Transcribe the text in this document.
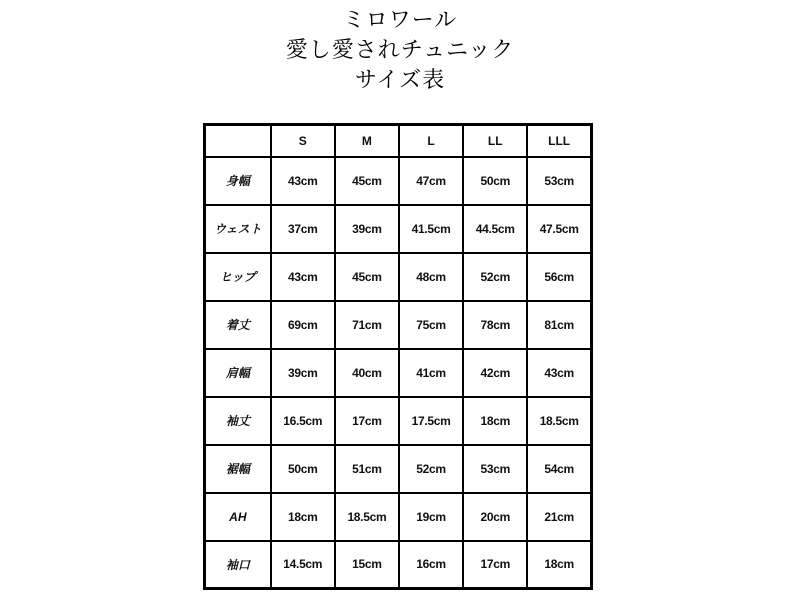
ミロワール
愛し愛されチュニック
サイズ表
	S	M	L	LL	LLL
身幅	43cm	45cm	47cm	50cm	53cm
ウェスト	37cm	39cm	41.5cm	44.5cm	47.5cm
ヒップ	43cm	45cm	48cm	52cm	56cm
着丈	69cm	71cm	75cm	78cm	81cm
肩幅	39cm	40cm	41cm	42cm	43cm
袖丈	16.5cm	17cm	17.5cm	18cm	18.5cm
裾幅	50cm	51cm	52cm	53cm	54cm
AH	18cm	18.5cm	19cm	20cm	21cm
袖口	14.5cm	15cm	16cm	17cm	18cm
